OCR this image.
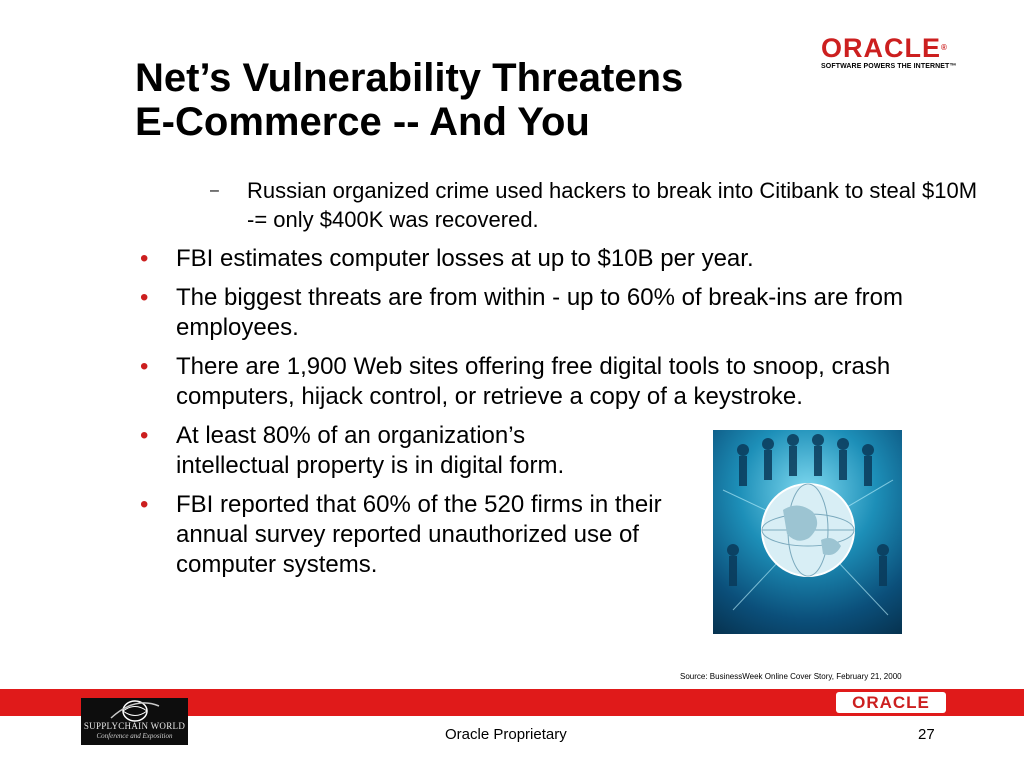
Net’s Vulnerability Threatens
E-Commerce -- And You
ORACLE®
SOFTWARE POWERS THE INTERNET™
– Russian organized crime used hackers to break into Citibank to steal $10M -= only $400K was recovered.
• FBI estimates computer losses at up to $10B per year.
• The biggest threats are from within - up to 60% of break-ins are from employees.
• There are 1,900 Web sites offering free digital tools to snoop, crash computers, hijack control, or retrieve a copy of a keystroke.
• At least 80% of an organization’s intellectual property is in digital form.
• FBI reported that 60% of the 520 firms in their annual survey reported unauthorized use of computer systems.
Source: BusinessWeek Online Cover Story, February 21, 2000
ORACLE
SUPPLYCHAIN WORLD
Conference and Exposition	Oracle Proprietary	27
